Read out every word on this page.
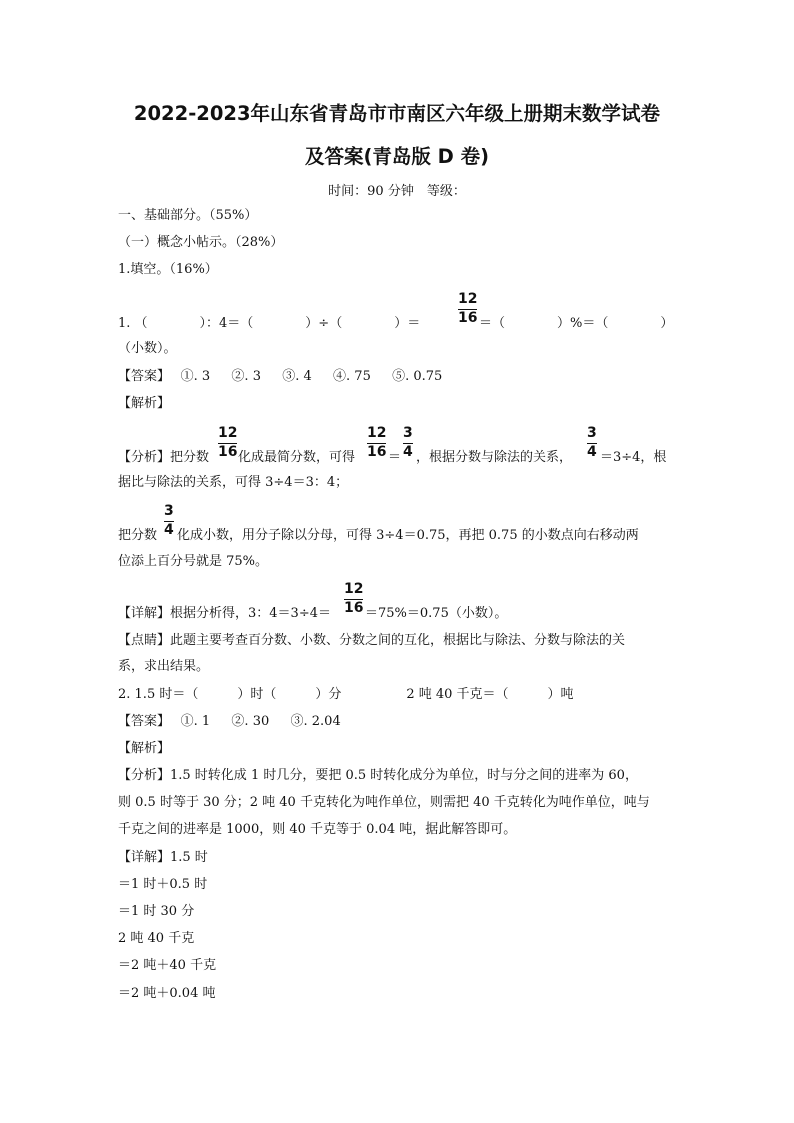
2022-2023年山东省青岛市市南区六年级上册期末数学试卷
及答案(青岛版 D 卷)
时间：90 分钟　等级：
一、基础部分。（55%）
（一）概念小帖示。（28%）
1.填空。（16%）
1. （　　　　）：4＝（　　　　）÷（　　　　）＝
12
16 ＝（　　　　）%＝（　　　　）
（小数）。
【答案】　 ①. 3 　 ②. 3 　 ③. 4 　 ④. 75 　 ⑤. 0.75
【解析】
【分析】把分数
12
16 化成最简分数，可得
12
16 ＝
3
4 ，根据分数与除法的关系，
3
4 ＝3÷4，根
据比与除法的关系，可得 3÷4＝3：4；
把分数
3
4 化成小数，用分子除以分母，可得 3÷4＝0.75，再把 0.75 的小数点向右移动两
位添上百分号就是 75%。
【详解】根据分析得，3：4＝3÷4＝
12
16 ＝75%＝0.75（小数）。
【点睛】此题主要考查百分数、小数、分数之间的互化，根据比与除法、分数与除法的关
系，求出结果。
2. 1.5 时＝（　　　）时（　　　）分　　　　　2 吨 40 千克＝（　　　）吨
【答案】　 ①. 1 　 ②. 30 　 ③. 2.04
【解析】
【分析】1.5 时转化成 1 时几分，要把 0.5 时转化成分为单位，时与分之间的进率为 60，
则 0.5 时等于 30 分；2 吨 40 千克转化为吨作单位，则需把 40 千克转化为吨作单位，吨与
千克之间的进率是 1000，则 40 千克等于 0.04 吨，据此解答即可。
【详解】1.5 时
＝1 时＋0.5 时
＝1 时 30 分
2 吨 40 千克
＝2 吨＋40 千克
＝2 吨＋0.04 吨
